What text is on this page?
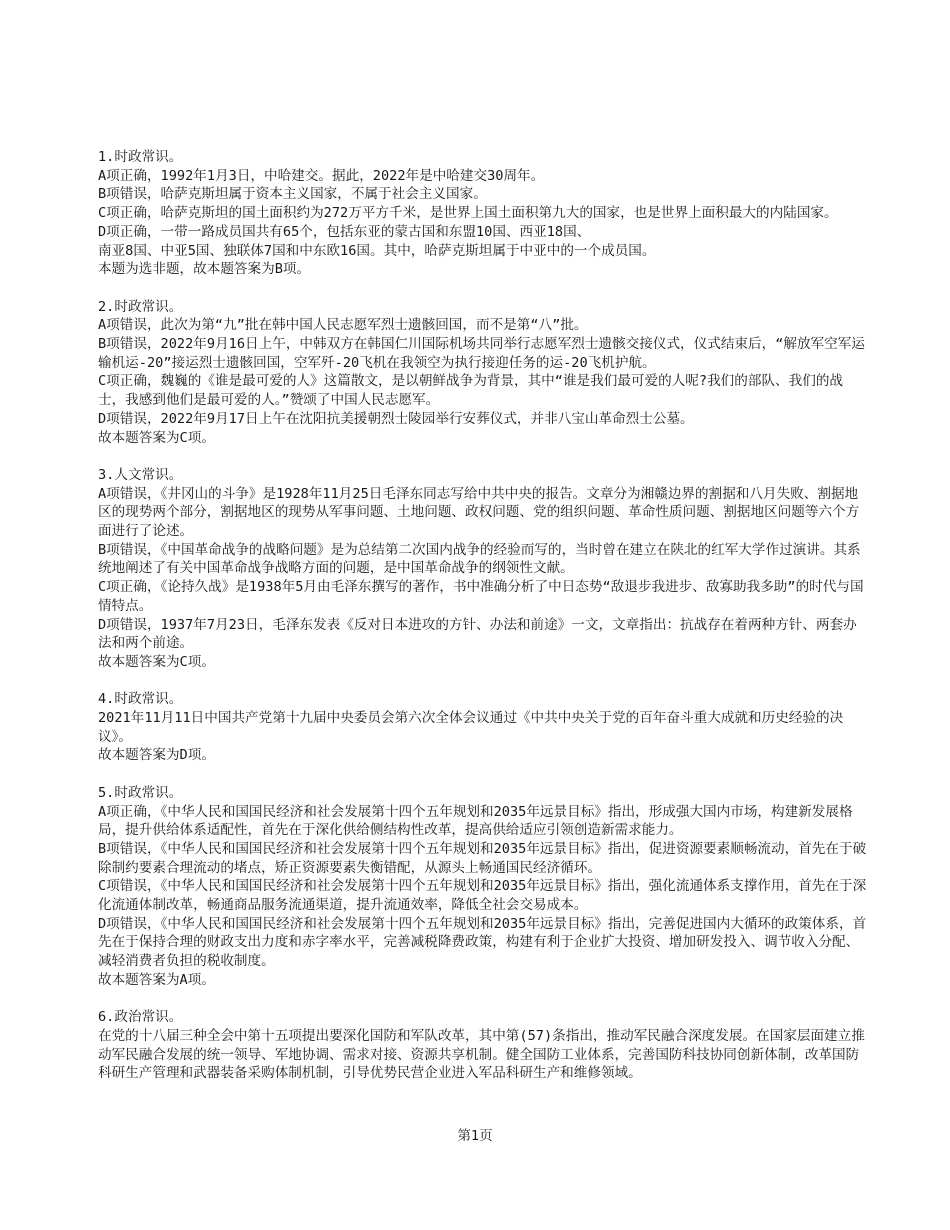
1.时政常识。
A项正确，1992年1月3日，中哈建交。据此，2022年是中哈建交30周年。
B项错误，哈萨克斯坦属于资本主义国家，不属于社会主义国家。
C项正确，哈萨克斯坦的国土面积约为272万平方千米，是世界上国土面积第九大的国家，也是世界上面积最大的内陆国家。
D项正确，一带一路成员国共有65个，包括东亚的蒙古国和东盟10国、西亚18国、
南亚8国、中亚5国、独联体7国和中东欧16国。其中，哈萨克斯坦属于中亚中的一个成员国。
本题为选非题，故本题答案为B项。
2.时政常识。
A项错误，此次为第“九”批在韩中国人民志愿军烈士遗骸回国，而不是第“八”批。
B项错误，2022年9月16日上午，中韩双方在韩国仁川国际机场共同举行志愿军烈士遗骸交接仪式，仪式结束后，“解放军空军运输机运-20”接运烈士遗骸回国，空军歼-20飞机在我领空为执行接迎任务的运-20飞机护航。
C项正确，魏巍的《谁是最可爱的人》这篇散文，是以朝鲜战争为背景，其中“谁是我们最可爱的人呢?我们的部队、我们的战士，我感到他们是最可爱的人。”赞颂了中国人民志愿军。
D项错误，2022年9月17日上午在沈阳抗美援朝烈士陵园举行安葬仪式，并非八宝山革命烈士公墓。
故本题答案为C项。
3.人文常识。
A项错误，《井冈山的斗争》是1928年11月25日毛泽东同志写给中共中央的报告。文章分为湘赣边界的割据和八月失败、割据地区的现势两个部分，割据地区的现势从军事问题、土地问题、政权问题、党的组织问题、革命性质问题、割据地区问题等六个方面进行了论述。
B项错误，《中国革命战争的战略问题》是为总结第二次国内战争的经验而写的，当时曾在建立在陕北的红军大学作过演讲。其系统地阐述了有关中国革命战争战略方面的问题，是中国革命战争的纲领性文献。
C项正确，《论持久战》是1938年5月由毛泽东撰写的著作，书中准确分析了中日态势“敌退步我进步、敌寡助我多助”的时代与国情特点。
D项错误，1937年7月23日，毛泽东发表《反对日本进攻的方针、办法和前途》一文，文章指出：抗战存在着两种方针、两套办法和两个前途。
故本题答案为C项。
4.时政常识。
2021年11月11日中国共产党第十九届中央委员会第六次全体会议通过《中共中央关于党的百年奋斗重大成就和历史经验的决议》。
故本题答案为D项。
5.时政常识。
A项正确，《中华人民和国国民经济和社会发展第十四个五年规划和2035年远景目标》指出，形成强大国内市场，构建新发展格局，提升供给体系适配性，首先在于深化供给侧结构性改革，提高供给适应引领创造新需求能力。
B项错误，《中华人民和国国民经济和社会发展第十四个五年规划和2035年远景目标》指出，促进资源要素顺畅流动，首先在于破除制约要素合理流动的堵点，矫正资源要素失衡错配，从源头上畅通国民经济循环。
C项错误，《中华人民和国国民经济和社会发展第十四个五年规划和2035年远景目标》指出，强化流通体系支撑作用，首先在于深化流通体制改革，畅通商品服务流通渠道，提升流通效率，降低全社会交易成本。
D项错误，《中华人民和国国民经济和社会发展第十四个五年规划和2035年远景目标》指出，完善促进国内大循环的政策体系，首先在于保持合理的财政支出力度和赤字率水平，完善减税降费政策，构建有利于企业扩大投资、增加研发投入、调节收入分配、减轻消费者负担的税收制度。
故本题答案为A项。
6.政治常识。
在党的十八届三种全会中第十五项提出要深化国防和军队改革，其中第(57)条指出，推动军民融合深度发展。在国家层面建立推动军民融合发展的统一领导、军地协调、需求对接、资源共享机制。健全国防工业体系，完善国防科技协同创新体制，改革国防科研生产管理和武器装备采购体制机制，引导优势民营企业进入军品科研生产和维修领域。
第1页
